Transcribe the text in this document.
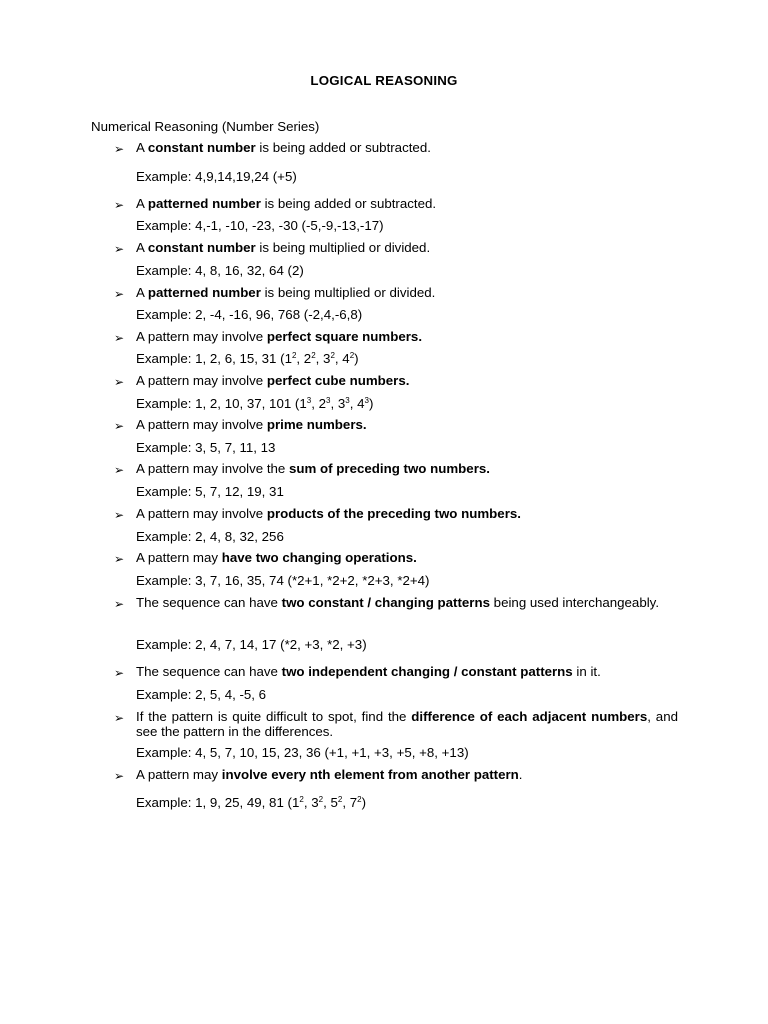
LOGICAL REASONING
Numerical Reasoning (Number Series)
➢ A constant number is being added or subtracted.
Example: 4,9,14,19,24 (+5)
➢ A patterned number is being added or subtracted.
Example: 4,-1, -10, -23, -30 (-5,-9,-13,-17)
➢ A constant number is being multiplied or divided.
Example: 4, 8, 16, 32, 64 (2)
➢ A patterned number is being multiplied or divided.
Example: 2, -4, -16, 96, 768 (-2,4,-6,8)
➢ A pattern may involve perfect square numbers.
Example: 1, 2, 6, 15, 31 ($1^2$, $2^2$, $3^2$, $4^2$)
➢ A pattern may involve perfect cube numbers.
Example: 1, 2, 10, 37, 101 ($1^3$, $2^3$, $3^3$, $4^3$)
➢ A pattern may involve prime numbers.
Example: 3, 5, 7, 11, 13
➢ A pattern may involve the sum of preceding two numbers.
Example: 5, 7, 12, 19, 31
➢ A pattern may involve products of the preceding two numbers.
Example: 2, 4, 8, 32, 256
➢ A pattern may have two changing operations.
Example: 3, 7, 16, 35, 74 (*2+1, *2+2, *2+3, *2+4)
➢ The sequence can have two constant / changing patterns being used interchangeably.
Example: 2, 4, 7, 14, 17 (*2, +3, *2, +3)
➢ The sequence can have two independent changing / constant patterns in it.
Example: 2, 5, 4, -5, 6
➢ If the pattern is quite difficult to spot, find the difference of each adjacent numbers, and see the pattern in the differences.
Example: 4, 5, 7, 10, 15, 23, 36 (+1, +1, +3, +5, +8, +13)
➢ A pattern may involve every nth element from another pattern.
Example: 1, 9, 25, 49, 81 ($1^2$, $3^2$, $5^2$, $7^2$)
